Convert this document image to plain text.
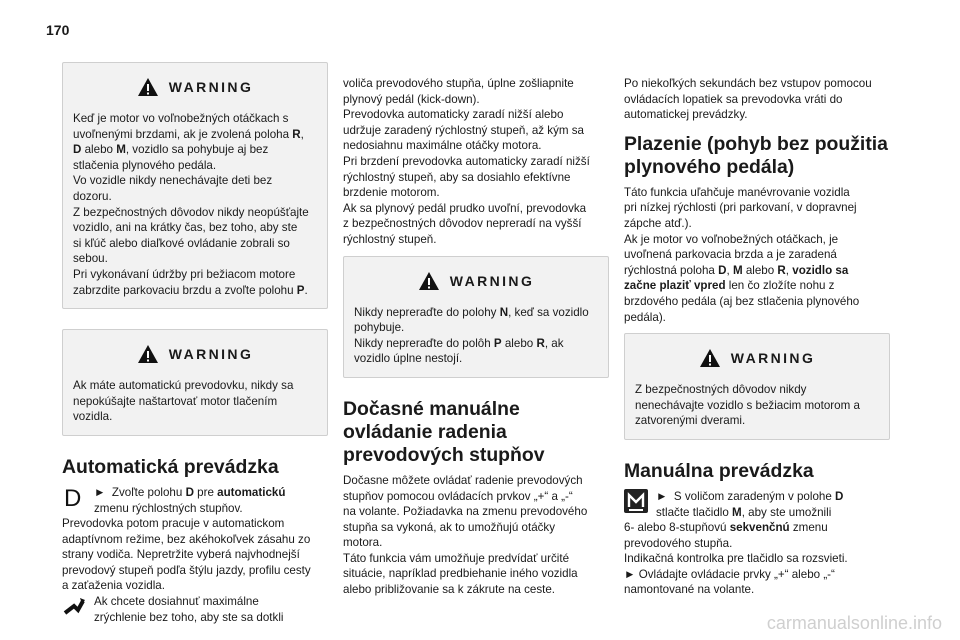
170
WARNING
Keď je motor vo voľnobežných otáčkach s
uvoľnenými brzdami, ak je zvolená poloha R,
D alebo M, vozidlo sa pohybuje aj bez
stlačenia plynového pedála.
Vo vozidle nikdy nenechávajte deti bez
dozoru.
Z bezpečnostných dôvodov nikdy neopúšťajte
vozidlo, ani na krátky čas, bez toho, aby ste
si kľúč alebo diaľkové ovládanie zobrali so
sebou.
Pri vykonávaní údržby pri bežiacom motore
zabrzdite parkovaciu brzdu a zvoľte polohu P.
WARNING
Ak máte automatickú prevodovku, nikdy sa
nepokúšajte naštartovať motor tlačením
vozidla.
Automatická prevádzka
D ►  Zvoľte polohu D pre automatickú
zmenu rýchlostných stupňov.
Prevodovka potom pracuje v automatickom
adaptívnom režime, bez akéhokoľvek zásahu zo
strany vodiča. Nepretržite vyberá najvhodnejší
prevodový stupeň podľa štýlu jazdy, profilu cesty
a zaťaženia vozidla.
Ak chcete dosiahnuť maximálne
zrýchlenie bez toho, aby ste sa dotkli
voliča prevodového stupňa, úplne zošliapnite
plynový pedál (kick-down).
Prevodovka automaticky zaradí nižší alebo
udržuje zaradený rýchlostný stupeň, až kým sa
nedosiahnu maximálne otáčky motora.
Pri brzdení prevodovka automaticky zaradí nižší
rýchlostný stupeň, aby sa dosiahlo efektívne
brzdenie motorom.
Ak sa plynový pedál prudko uvoľní, prevodovka
z bezpečnostných dôvodov nepreradí na vyšší
rýchlostný stupeň.
WARNING
Nikdy nepreraďte do polohy N, keď sa vozidlo
pohybuje.
Nikdy nepreraďte do polôh P alebo R, ak
vozidlo úplne nestojí.
Dočasné manuálne
ovládanie radenia
prevodových stupňov
Dočasne môžete ovládať radenie prevodových
stupňov pomocou ovládacích prvkov „+“ a „-“
na volante. Požiadavka na zmenu prevodového
stupňa sa vykoná, ak to umožňujú otáčky
motora.
Táto funkcia vám umožňuje predvídať určité
situácie, napríklad predbiehanie iného vozidla
alebo približovanie sa k zákrute na ceste.
Po niekoľkých sekundách bez vstupov pomocou
ovládacích lopatiek sa prevodovka vráti do
automatickej prevádzky.
Plazenie (pohyb bez použitia
plynového pedála)
Táto funkcia uľahčuje manévrovanie vozidla
pri nízkej rýchlosti (pri parkovaní, v dopravnej
zápche atď.).
Ak je motor vo voľnobežných otáčkach, je
uvoľnená parkovacia brzda a je zaradená
rýchlostná poloha D, M alebo R, vozidlo sa
začne plaziť vpred len čo zložíte nohu z
brzdového pedála (aj bez stlačenia plynového
pedála).
WARNING
Z bezpečnostných dôvodov nikdy
nenechávajte vozidlo s bežiacim motorom a
zatvorenými dverami.
Manuálna prevádzka
►  S voličom zaradeným v polohe D
stlačte tlačidlo M, aby ste umožnili
6- alebo 8-stupňovú sekvenčnú zmenu
prevodového stupňa.
Indikačná kontrolka pre tlačidlo sa rozsvieti.
► Ovládajte ovládacie prvky „+“ alebo „-“
namontované na volante.
carmanualsonline.info
